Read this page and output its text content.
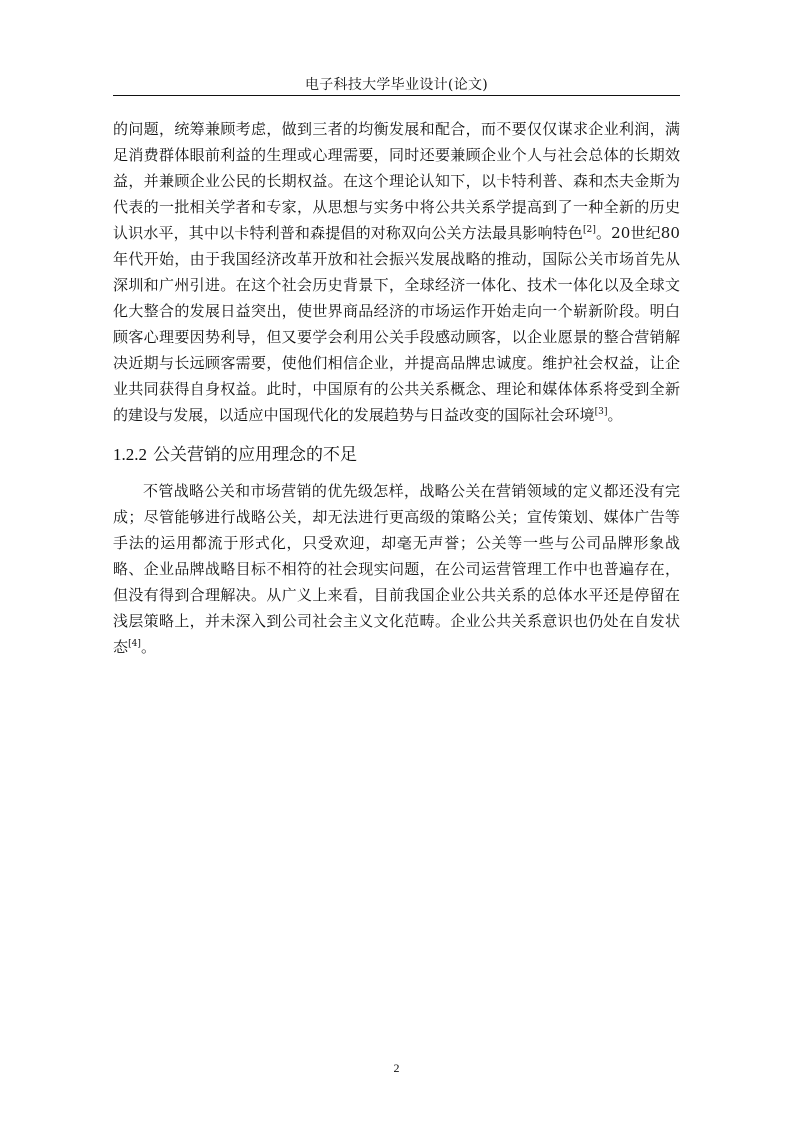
电子科技大学毕业设计(论文)

的问题，统筹兼顾考虑，做到三者的均衡发展和配合，而不要仅仅谋求企业利润，满足消费群体眼前利益的生理或心理需要，同时还要兼顾企业个人与社会总体的长期效益，并兼顾企业公民的长期权益。在这个理论认知下，以卡特利普、森和杰夫金斯为代表的一批相关学者和专家，从思想与实务中将公共关系学提高到了一种全新的历史认识水平，其中以卡特利普和森提倡的对称双向公关方法最具影响特色[2]。20世纪80年代开始，由于我国经济改革开放和社会振兴发展战略的推动，国际公关市场首先从深圳和广州引进。在这个社会历史背景下，全球经济一体化、技术一体化以及全球文化大整合的发展日益突出，使世界商品经济的市场运作开始走向一个崭新阶段。明白顾客心理要因势利导，但又要学会利用公关手段感动顾客，以企业愿景的整合营销解决近期与长远顾客需要，使他们相信企业，并提高品牌忠诚度。维护社会权益，让企业共同获得自身权益。此时，中国原有的公共关系概念、理论和媒体体系将受到全新的建设与发展，以适应中国现代化的发展趋势与日益改变的国际社会环境[3]。

1.2.2 公关营销的应用理念的不足

不管战略公关和市场营销的优先级怎样，战略公关在营销领域的定义都还没有完成；尽管能够进行战略公关，却无法进行更高级的策略公关；宣传策划、媒体广告等手法的运用都流于形式化，只受欢迎，却毫无声誉；公关等一些与公司品牌形象战略、企业品牌战略目标不相符的社会现实问题，在公司运营管理工作中也普遍存在，但没有得到合理解决。从广义上来看，目前我国企业公共关系的总体水平还是停留在浅层策略上，并未深入到公司社会主义文化范畴。企业公共关系意识也仍处在自发状态[4]。

2
